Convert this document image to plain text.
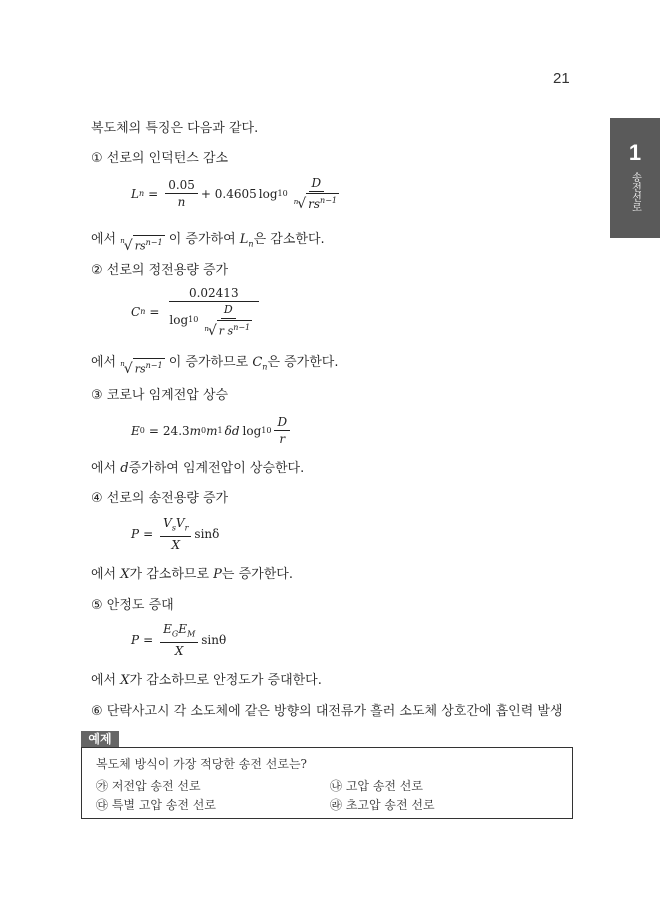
21
1
송전선로
복도체의 특징은 다음과 같다.
① 선로의 인덕턴스 감소
L $n = \frac{0.05}{n} + 0.4605$ $\log 10 \frac{D}{n √ rs^{n-1}}$
에서 n √ $rs^{n-1}$ 이 증가하여 $L_n$은 감소한다.
② 선로의 정전용량 증가
C $n = \frac{0.02413}{\log 10 \frac{D}{n √ r s^{n-1}}}$
에서 n √ $rs^{n-1}$ 이 증가하므로 $C_n$은 증가한다.
③ 코로나 임계전압 상승
E 0 = 24.3 m 0 m 1 δd $\log 10 \frac{D}{r}$
에서 d증가하여 임계전압이 상승한다.
④ 선로의 송전용량 증가
$P = \frac{V_sV_r}{X}$ sinδ
에서 X가 감소하므로 P는 증가한다.
⑤ 안정도 증대
$P = \frac{E_GE_M}{X}$ sinθ
에서 X가 감소하므로 안정도가 증대한다.
⑥ 단락사고시 각 소도체에 같은 방향의 대전류가 흘러 소도체 상호간에 흡인력 발생
예제
복도체 방식이 가장 적당한 송전 선로는?
㉮ 저전압 송전 선로	㉯ 고압 송전 선로
㉰ 특별 고압 송전 선로	㉱ 초고압 송전 선로
